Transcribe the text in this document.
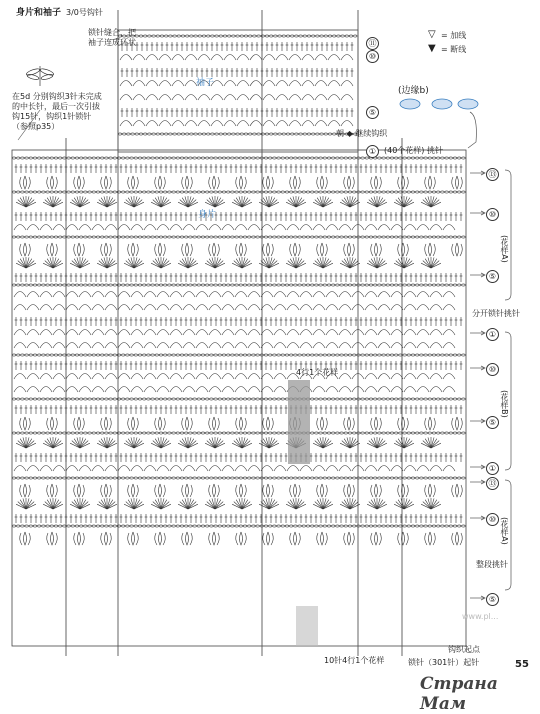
身片和袖子 3/0号钩针
▽ = 加线
▼ = 断线
锁针缝合，把
袖子连成环状
(边缘b)
朝 ◆ 继续钩织
(40个花样) 挑针
分开锁针挑针
整段挑针
钩织起点
锁针（301针）起针
4行1个花样
10针4行1个花样
在5d 分别钩织3针未完成
的中长针，最后一次引拔
钩15针，钩织1针锁针
（参照p35）
55
Страна Мам
www.pl...
袖子
身片
(花样A)
(花样B)
(花样A)
⑪
⑩
⑤
①
⑬
⑩
⑤
①
⑩
⑤
①
⑬
⑩
⑤
